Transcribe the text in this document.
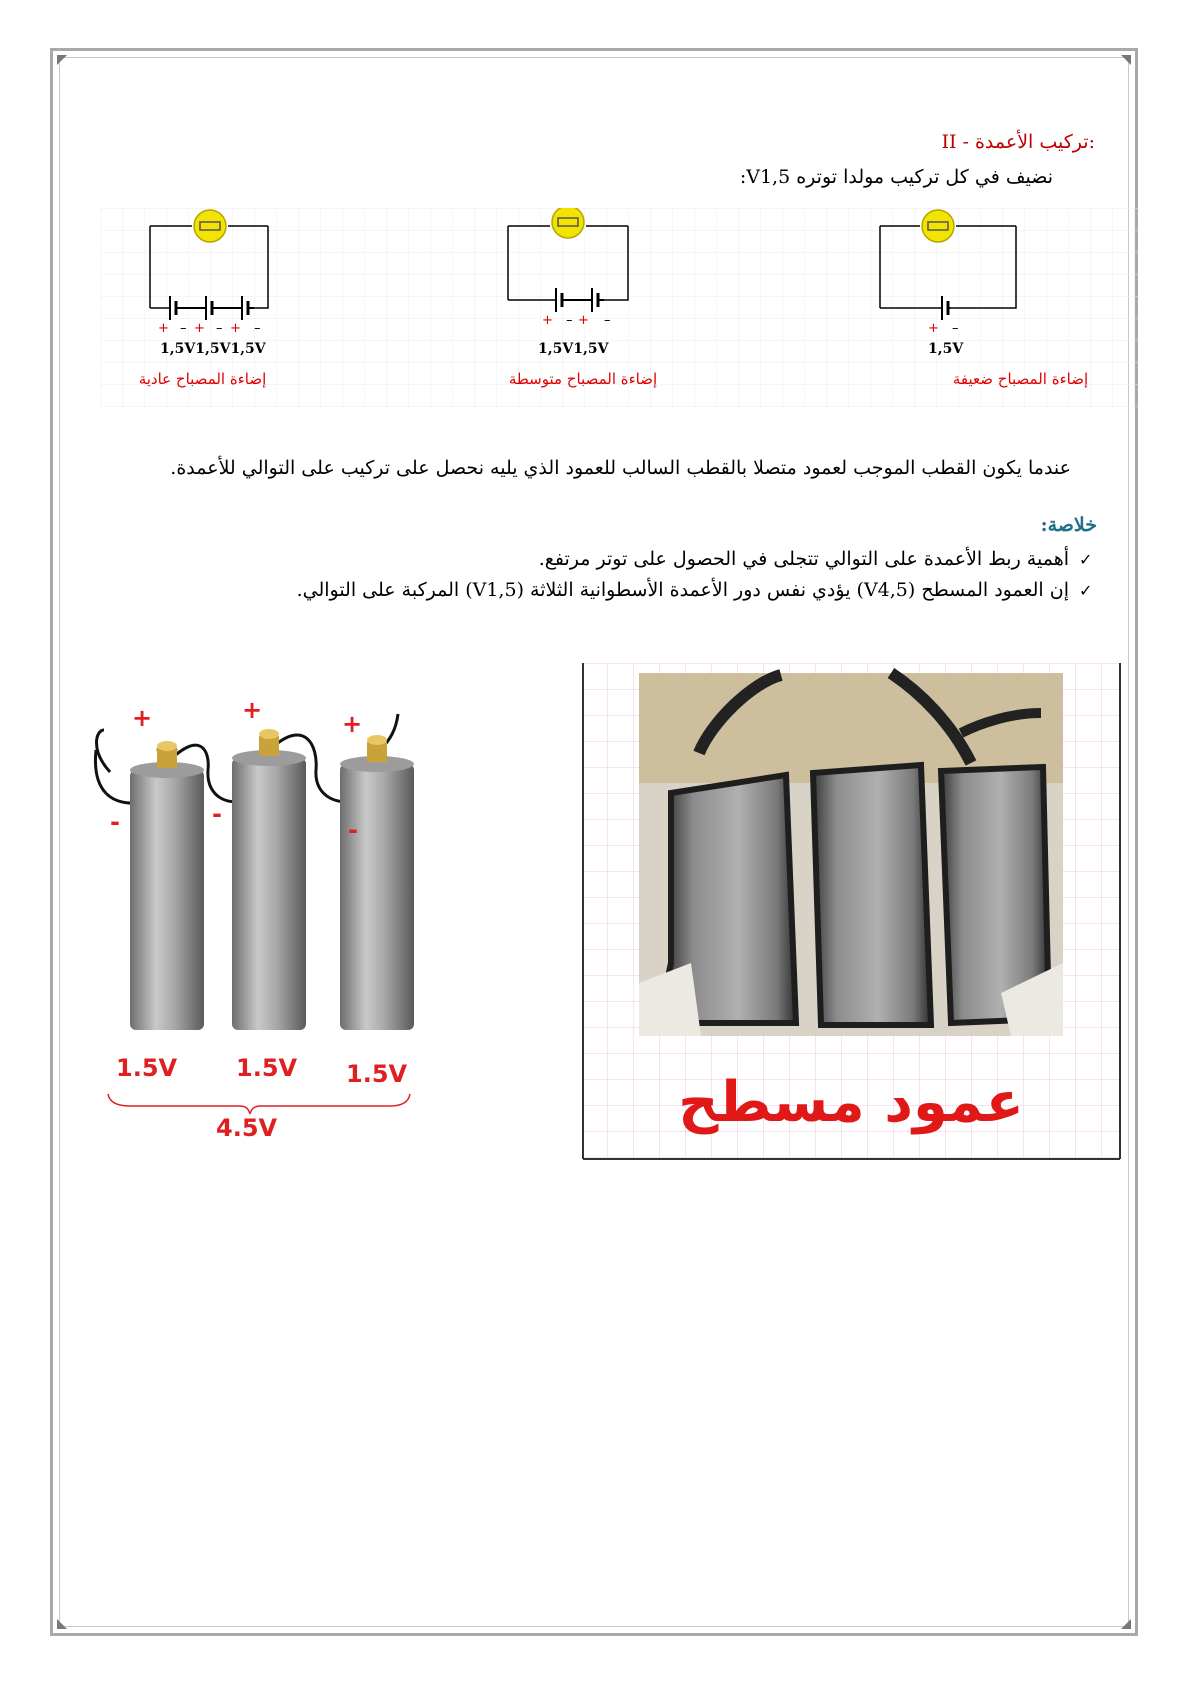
II - تركيب الأعمدة:
نضيف في كل تركيب مولدا توتره V1,5:
+ – + – + –
1,5V1,5V1,5V
إضاءة المصباح عادية
+ – + –
1,5V1,5V
إضاءة المصباح متوسطة
+ –
1,5V
إضاءة المصباح ضعيفة
عندما يكون القطب الموجب لعمود متصلا بالقطب السالب للعمود الذي يليه نحصل على تركيب على التوالي للأعمدة.
خلاصة:
✓
أهمية ربط الأعمدة على التوالي تتجلى في الحصول على توتر مرتفع.
✓
إن العمود المسطح (V4,5) يؤدي نفس دور الأعمدة الأسطوانية الثلاثة (V1,5) المركبة على التوالي.
+	+	+
-	-
-
1.5V 1.5V 1.5V
4.5V	عمود مسطح
